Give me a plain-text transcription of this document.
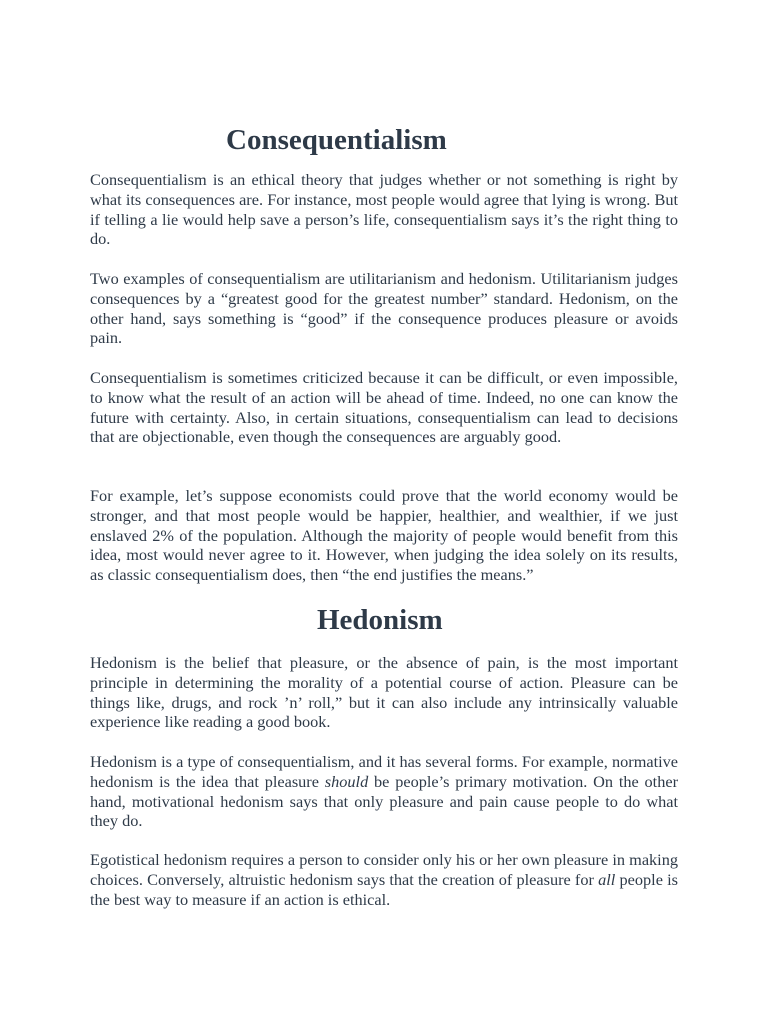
Consequentialism

Consequentialism is an ethical theory that judges whether or not something is right by what its consequences are. For instance, most people would agree that lying is wrong. But if telling a lie would help save a person’s life, consequentialism says it’s the right thing to do.

Two examples of consequentialism are utilitarianism and hedonism. Utilitarianism judges consequences by a “greatest good for the greatest number” standard. Hedonism, on the other hand, says something is “good” if the consequence produces pleasure or avoids pain.

Consequentialism is sometimes criticized because it can be difficult, or even impossible, to know what the result of an action will be ahead of time. Indeed, no one can know the future with certainty. Also, in certain situations, consequentialism can lead to decisions that are objectionable, even though the consequences are arguably good.

For example, let’s suppose economists could prove that the world economy would be stronger, and that most people would be happier, healthier, and wealthier, if we just enslaved 2% of the population. Although the majority of people would benefit from this idea, most would never agree to it. However, when judging the idea solely on its results, as classic consequentialism does, then “the end justifies the means.”

Hedonism

Hedonism is the belief that pleasure, or the absence of pain, is the most important principle in determining the morality of a potential course of action. Pleasure can be things like, drugs, and rock ’n’ roll,” but it can also include any intrinsically valuable experience like reading a good book.

Hedonism is a type of consequentialism, and it has several forms. For example, normative hedonism is the idea that pleasure should be people’s primary motivation. On the other hand, motivational hedonism says that only pleasure and pain cause people to do what they do.

Egotistical hedonism requires a person to consider only his or her own pleasure in making choices. Conversely, altruistic hedonism says that the creation of pleasure for all people is the best way to measure if an action is ethical.
